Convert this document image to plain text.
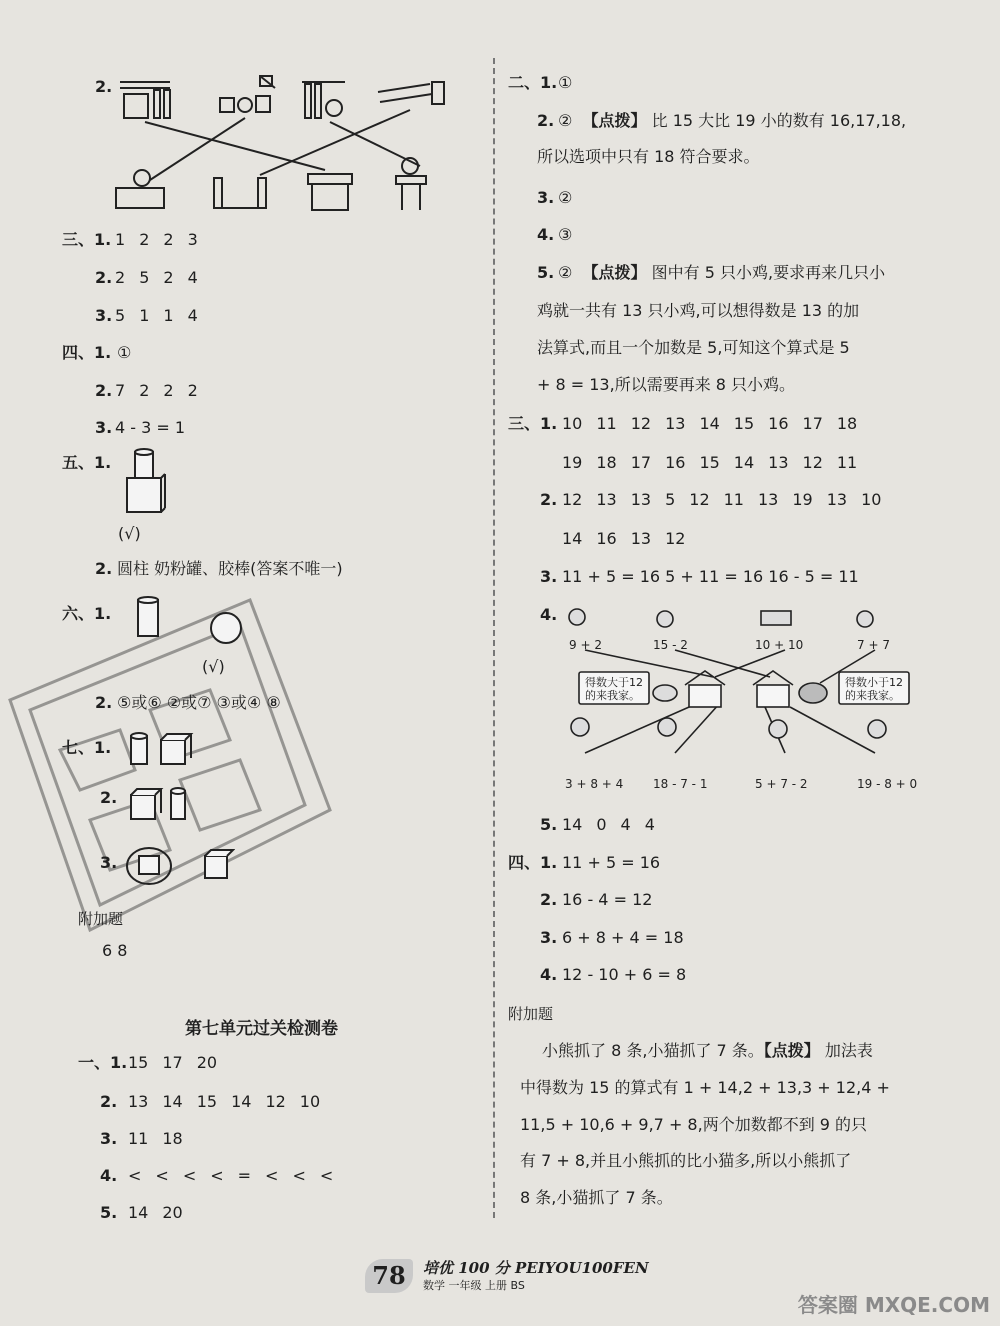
2.
三、1. 1 2 2 3
2. 2 5 2 4
3. 5 1 1 4
四、1. ①
2. 7 2 2 2
3. 4 - 3 = 1
五、1.
(√)
2. 圆柱 奶粉罐、胶棒(答案不唯一)
六、1.
(√)
2. ⑤或⑥ ②或⑦ ③或④ ⑧
七、1.
2.
3.
附加题
6 8
第七单元过关检测卷
一、1. 15 17 20
2. 13 14 15 14 12 10
3. 11 18
4. < < < < = < < <
5. 14 20
二、1. ①
2. ② 【点拨】 比 15 大比 19 小的数有 16,17,18,
所以选项中只有 18 符合要求。
3. ②
4. ③
5. ② 【点拨】 图中有 5 只小鸡,要求再来几只小
鸡就一共有 13 只小鸡,可以想得数是 13 的加
法算式,而且一个加数是 5,可知这个算式是 5
+ 8 = 13,所以需要再来 8 只小鸡。
三、1. 10 11 12 13 14 15 16 17 18
19 18 17 16 15 14 13 12 11
2. 12 13 13 5 12 11 13 19 13 10
14 16 13 12
3. 11 + 5 = 16 5 + 11 = 16 16 - 5 = 11
4.
得数大于12
的来我家。
得数小于12
的来我家。
9 + 2	15 - 2	10 + 10	7 + 7
3 + 8 + 4 18 - 7 - 1	5 + 7 - 2	19 - 8 + 0
5. 14 0 4 4
四、1. 11 + 5 = 16
2. 16 - 4 = 12
3. 6 + 8 + 4 = 18
4. 12 - 10 + 6 = 8
附加题
小熊抓了 8 条,小猫抓了 7 条。【点拨】 加法表
中得数为 15 的算式有 1 + 14,2 + 13,3 + 12,4 +
11,5 + 10,6 + 9,7 + 8,两个加数都不到 9 的只
有 7 + 8,并且小熊抓的比小猫多,所以小熊抓了
8 条,小猫抓了 7 条。
78	培优 100 分 PEIYOU100FEN
数学 一年级 上册 BS
答案圈 MXQE.COM
